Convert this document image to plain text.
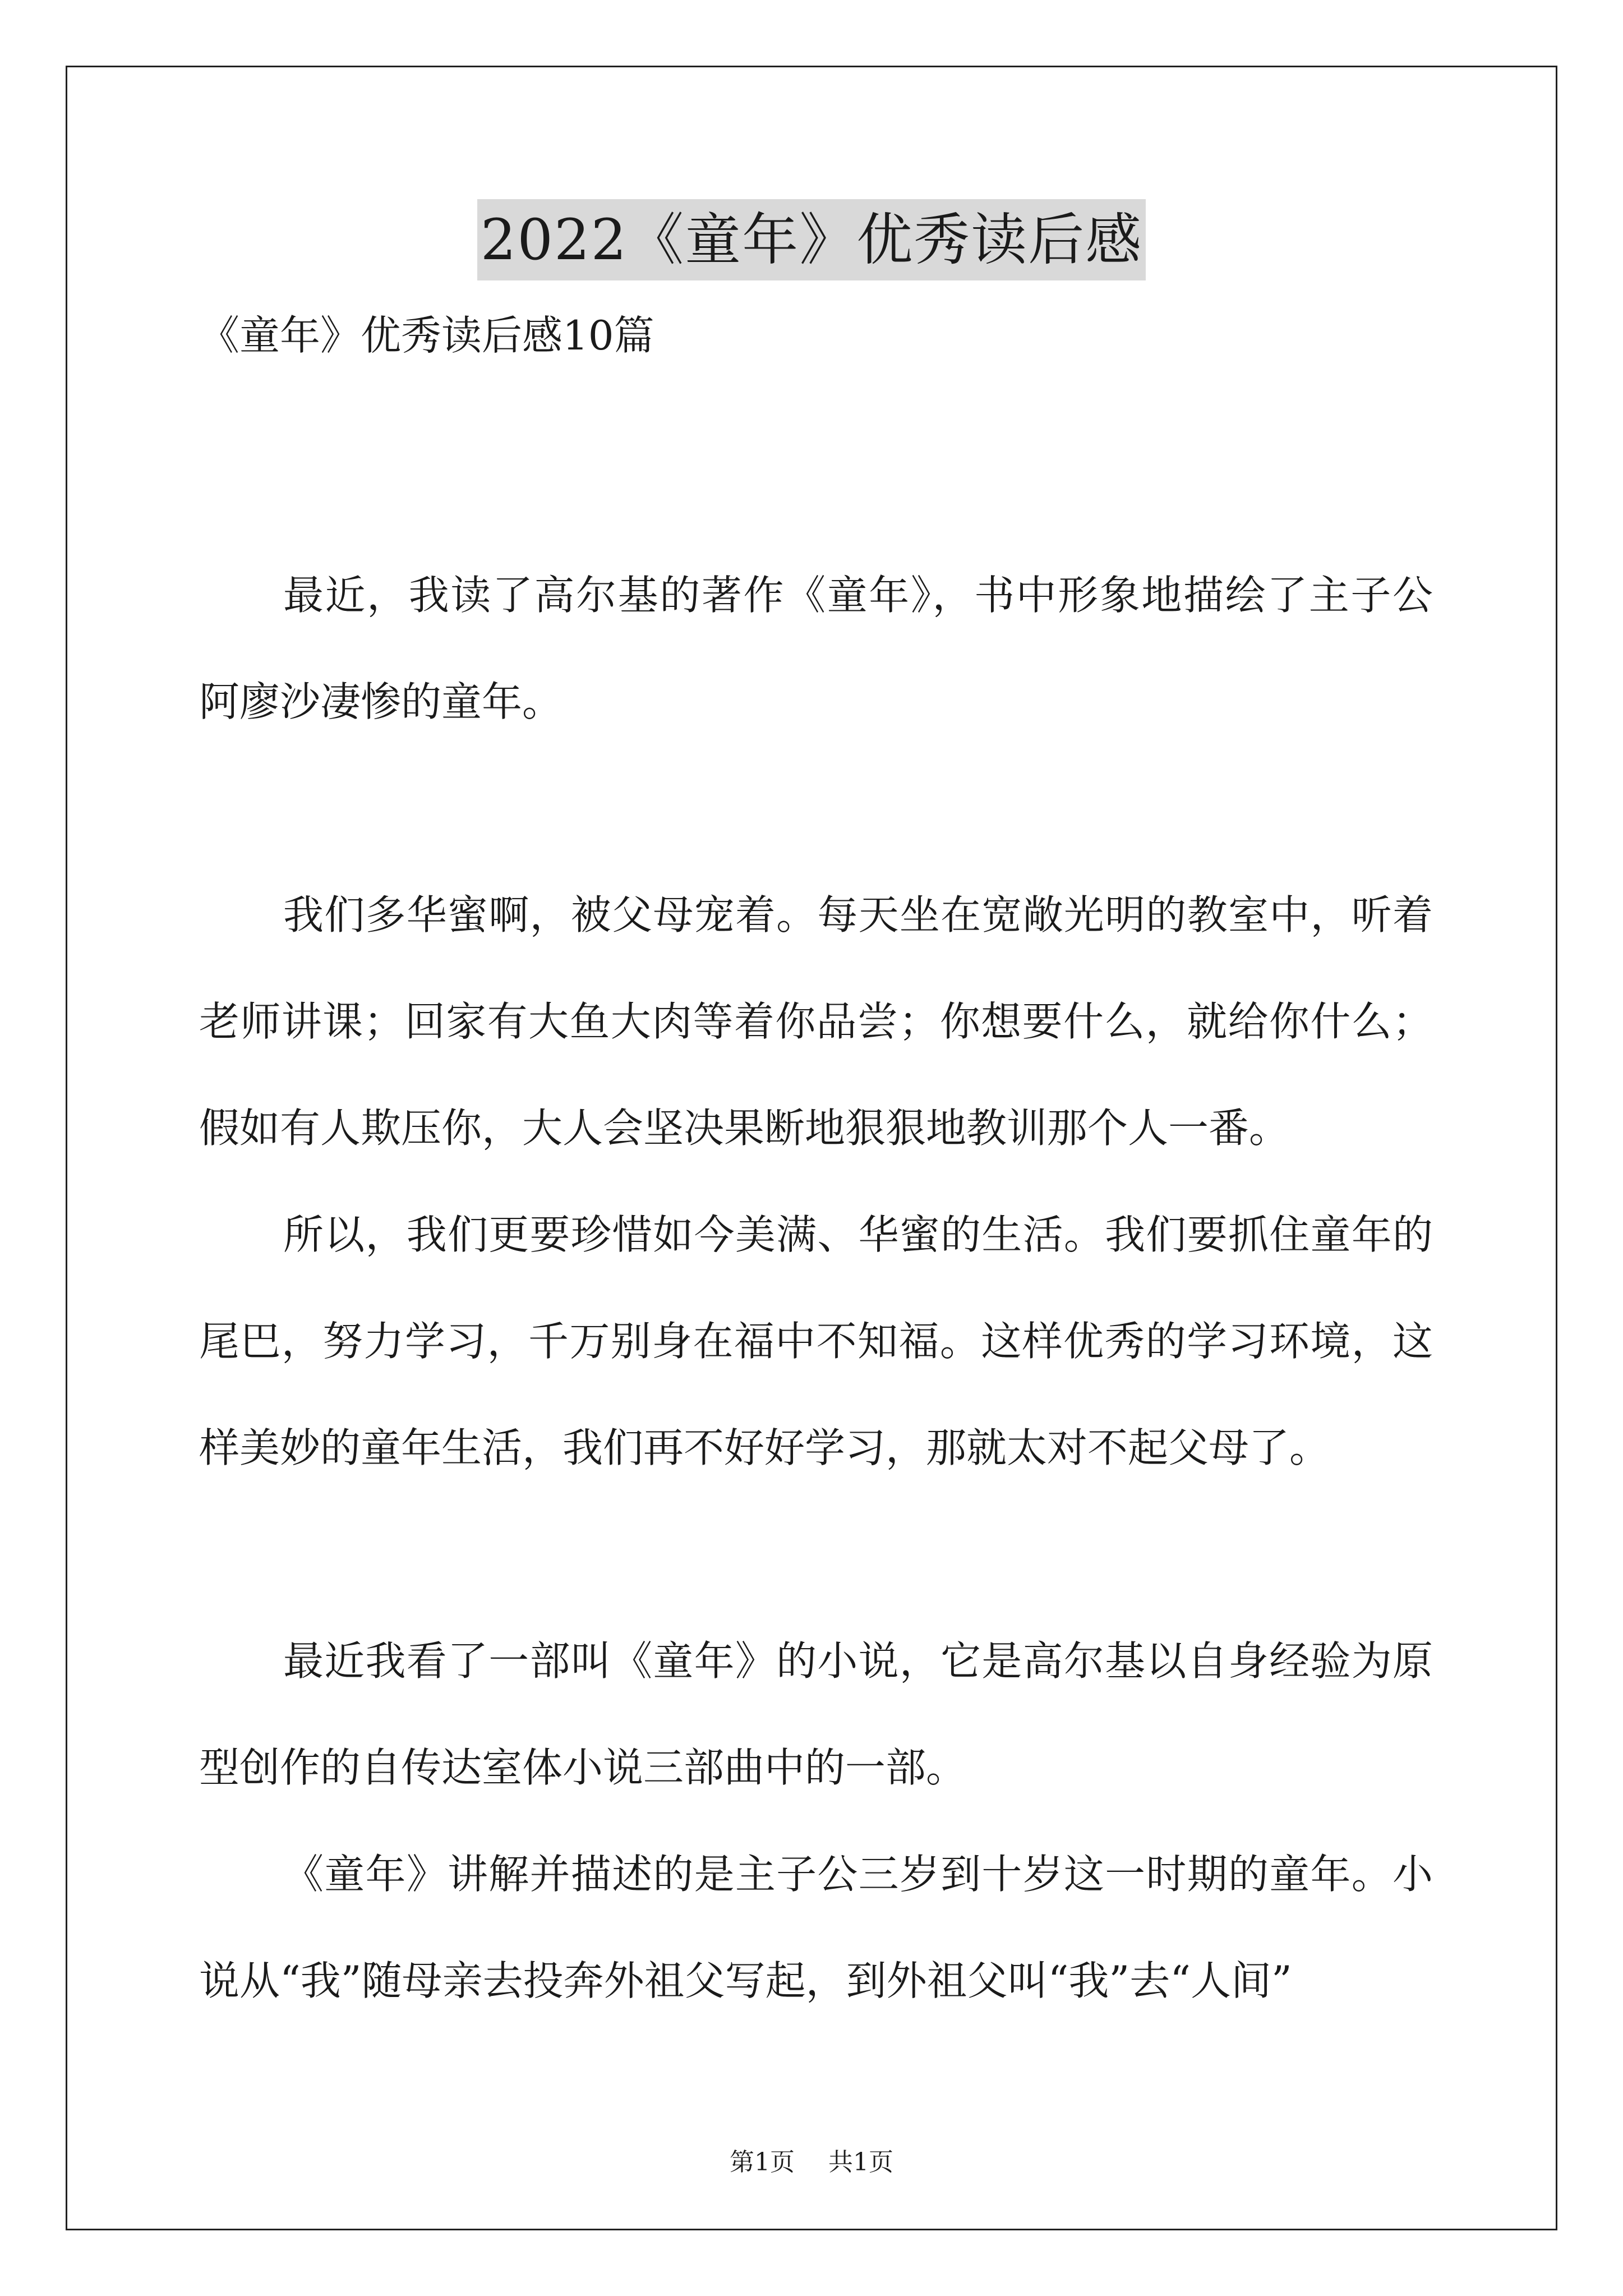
2022《童年》优秀读后感
《童年》优秀读后感10篇

最近，我读了高尔基的著作《童年》，书中形象地描绘了主子公阿廖沙凄惨的童年。

我们多华蜜啊，被父母宠着。每天坐在宽敞光明的教室中，听着老师讲课；回家有大鱼大肉等着你品尝；你想要什么，就给你什么；假如有人欺压你，大人会坚决果断地狠狠地教训那个人一番。

所以，我们更要珍惜如今美满、华蜜的生活。我们要抓住童年的尾巴，努力学习，千万别身在福中不知福。这样优秀的学习环境，这样美妙的童年生活，我们再不好好学习，那就太对不起父母了。

最近我看了一部叫《童年》的小说，它是高尔基以自身经验为原型创作的自传达室体小说三部曲中的一部。

《童年》讲解并描述的是主子公三岁到十岁这一时期的童年。小说从“我”随母亲去投奔外祖父写起，到外祖父叫“我”去“人间”

第1页 共1页
